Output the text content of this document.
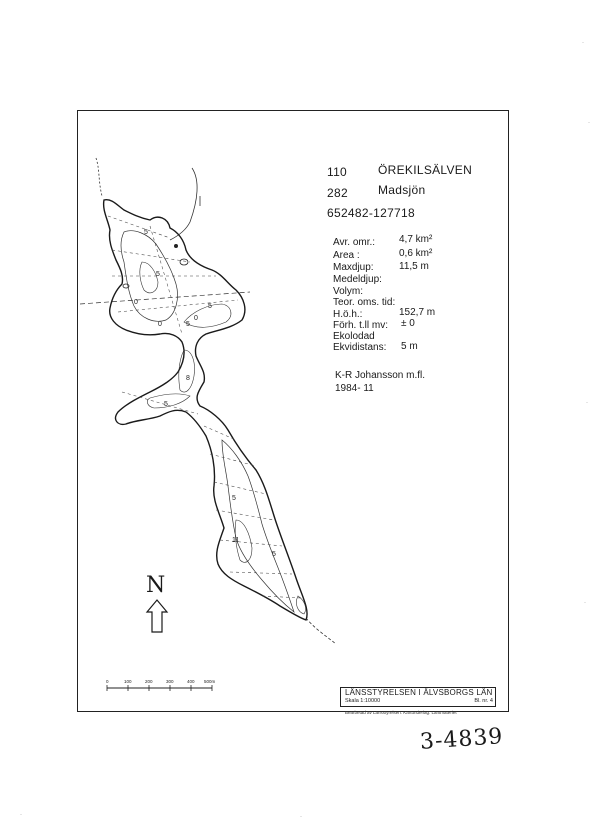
110	ÖREKILSÄLVEN
282	Madsjön
652482-127718
Avr. omr.: 4,7 km²
Area :	0,6 km²
Maxdjup:	11,5 m
Medeldjup:
Volym:
Teor. oms. tid:
H.ö.h.:	152,7 m
Förh. t.ll mv: ± 0
Ekolodad
Ekvidistans: 5 m
K-R Johansson m.fl.
1984- 11
5
5
0	5
0
0
5
8
5
5
5
11
N
0	100	200	300	400 500m
LÄNSSTYRELSEN I ÄLVSBORGS LÄN
Skala 1:10000	Bl. nr. 4
Bearbetad av Länsstyrelsen. Kartunderlag: Lantmäteriet
3-4839
·
·
·
·
·	·
